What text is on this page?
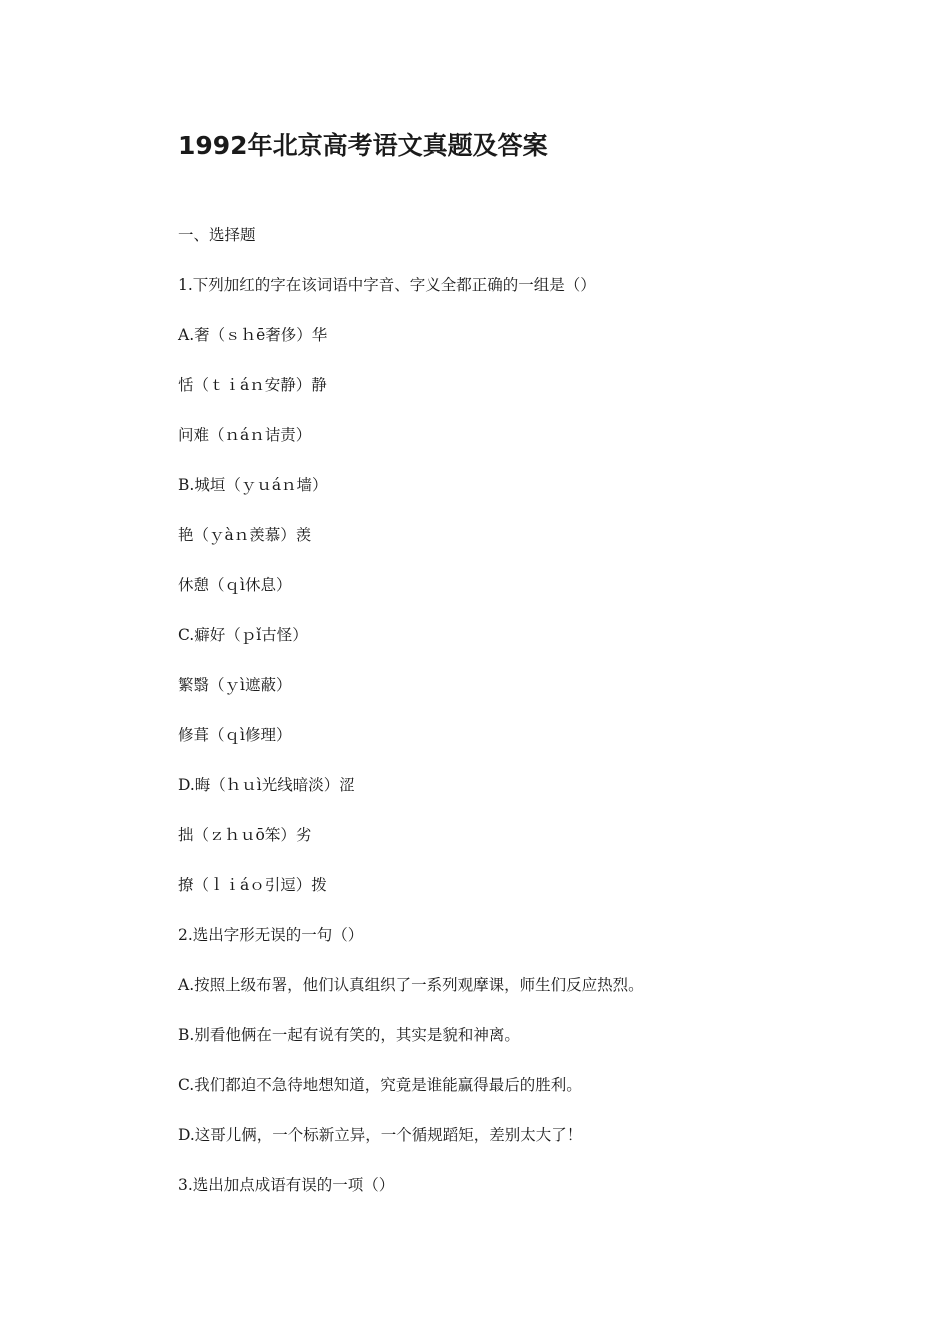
1992年北京高考语文真题及答案
一、选择题
1.下列加红的字在该词语中字音、字义全都正确的一组是（）
A.奢（ｓｈē奢侈）华
恬（ｔｉáｎ安静）静
问难（ｎáｎ诘责）
B.城垣（ｙｕáｎ墙）
艳（ｙàｎ羡慕）羡
休憩（ｑì休息）
C.癖好（ｐǐ古怪）
繁翳（ｙì遮蔽）
修葺（ｑì修理）
D.晦（ｈｕì光线暗淡）涩
拙（ｚｈｕō笨）劣
撩（ｌｉáｏ引逗）拨
2.选出字形无误的一句（）
A.按照上级布署，他们认真组织了一系列观摩课，师生们反应热烈。
B.别看他俩在一起有说有笑的，其实是貌和神离。
C.我们都迫不急待地想知道，究竟是谁能赢得最后的胜利。
D.这哥儿俩，一个标新立异，一个循规蹈矩，差别太大了！
3.选出加点成语有误的一项（）
